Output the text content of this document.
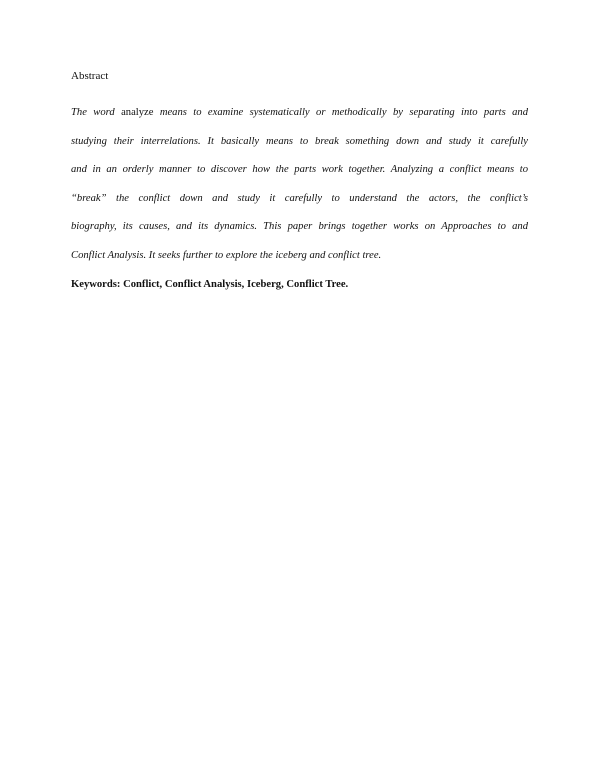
Abstract
The word analyze means to examine systematically or methodically by separating into parts and
studying their interrelations. It basically means to break something down and study it carefully
and in an orderly manner to discover how the parts work together. Analyzing a conflict means to
“break” the conflict down and study it carefully to understand the actors, the conflict’s
biography, its causes, and its dynamics. This paper brings together works on Approaches to and
Conflict Analysis. It seeks further to explore the iceberg and conflict tree.
Keywords: Conflict, Conflict Analysis, Iceberg, Conflict Tree.
